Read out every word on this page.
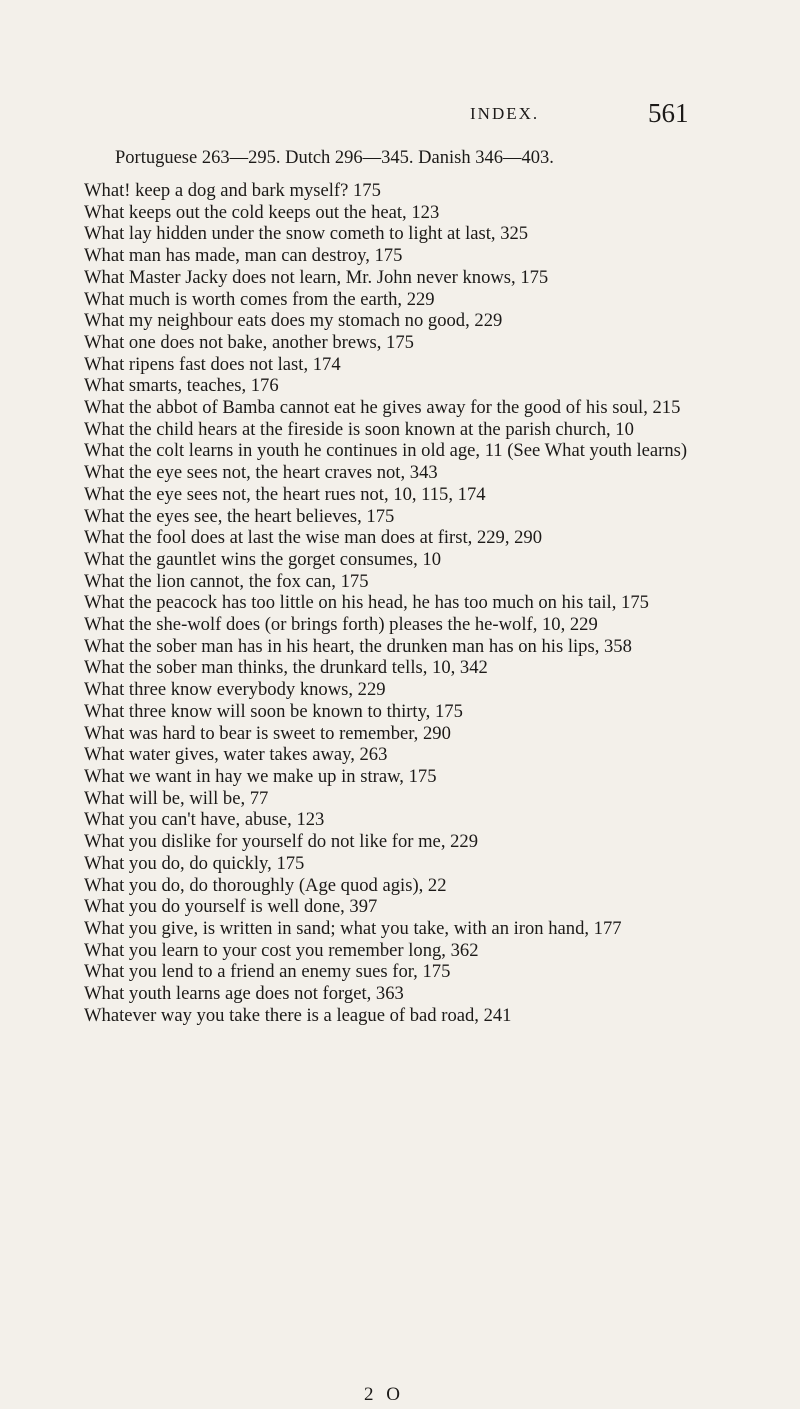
INDEX.	561
Portuguese 263—295. Dutch 296—345. Danish 346—403.
What! keep a dog and bark myself? 175
What keeps out the cold keeps out the heat, 123
What lay hidden under the snow cometh to light at last, 325
What man has made, man can destroy, 175
What Master Jacky does not learn, Mr. John never knows, 175
What much is worth comes from the earth, 229
What my neighbour eats does my stomach no good, 229
What one does not bake, another brews, 175
What ripens fast does not last, 174
What smarts, teaches, 176
What the abbot of Bamba cannot eat he gives away for the good of his soul, 215
What the child hears at the fireside is soon known at the parish church, 10
What the colt learns in youth he continues in old age, 11 (See What youth learns)
What the eye sees not, the heart craves not, 343
What the eye sees not, the heart rues not, 10, 115, 174
What the eyes see, the heart believes, 175
What the fool does at last the wise man does at first, 229, 290
What the gauntlet wins the gorget consumes, 10
What the lion cannot, the fox can, 175
What the peacock has too little on his head, he has too much on his tail, 175
What the she-wolf does (or brings forth) pleases the he-wolf, 10, 229
What the sober man has in his heart, the drunken man has on his lips, 358
What the sober man thinks, the drunkard tells, 10, 342
What three know everybody knows, 229
What three know will soon be known to thirty, 175
What was hard to bear is sweet to remember, 290
What water gives, water takes away, 263
What we want in hay we make up in straw, 175
What will be, will be, 77
What you can't have, abuse, 123
What you dislike for yourself do not like for me, 229
What you do, do quickly, 175
What you do, do thoroughly (Age quod agis), 22
What you do yourself is well done, 397
What you give, is written in sand; what you take, with an iron hand, 177
What you learn to your cost you remember long, 362
What you lend to a friend an enemy sues for, 175
What youth learns age does not forget, 363
Whatever way you take there is a league of bad road, 241
2 O
